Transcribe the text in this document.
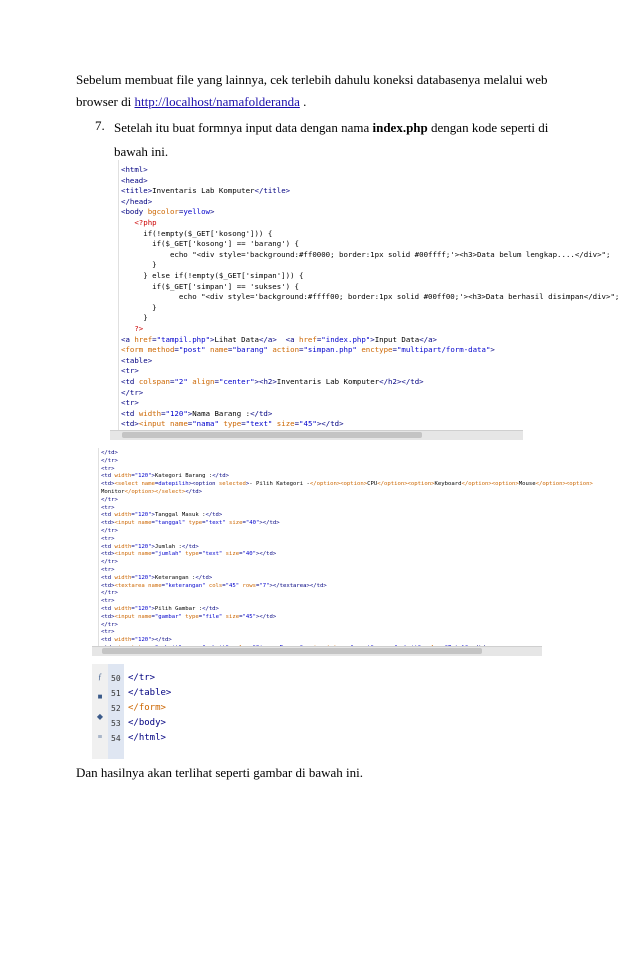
Sebelum membuat file yang lainnya, cek terlebih dahulu koneksi databasenya melalui web
browser di http://localhost/namafolderanda .
7. Setelah itu buat formnya input data dengan nama index.php dengan kode seperti di bawah ini.
<html>
<head>
<title>Inventaris Lab Komputer</title>
</head>
<body bgcolor=yellow>
<?php
if(!empty($_GET['kosong'])) {
if($_GET['kosong'] == 'barang') {
echo "<div style='background:#ff0000; border:1px solid #00ffff;'><h3>Data belum lengkap....</div>";
}
} else if(!empty($_GET['simpan'])) {
if($_GET['simpan'] == 'sukses') {
echo "<div style='background:#ffff00; border:1px solid #00ff00;'><h3>Data berhasil disimpan</div>";
}
}
?>
<a href="tampil.php">Lihat Data</a>  <a href="index.php">Input Data</a>
<form method="post" name="barang" action="simpan.php" enctype="multipart/form-data">
<table>
<tr>
<td colspan="2" align="center"><h2>Inventaris Lab Komputer</h2></td>
</tr>
<tr>
<td width="120">Nama Barang :</td>
<td><input name="nama" type="text" size="45"></td>
</td>
</tr>
<tr>
<td width="120">Kategori Barang :</td>
<td><select name=datepilih><option selected>- Pilih Kategori -</option><option>CPU</option><option>Keyboard</option><option>Mouse</option><option>
Monitor</option></select></td>
</tr>
<tr>
<td width="120">Tanggal Masuk :</td>
<td><input name="tanggal" type="text" size="40"></td>
</tr>
<tr>
<td width="120">Jumlah :</td>
<td><input name="jumlah" type="text" size="40"></td>
</tr>
<tr>
<td width="120">Keterangan :</td>
<td><textarea name="keterangan" cols="45" rows="7"></textarea></td>
</tr>
<tr>
<td width="120">Pilih Gambar :</td>
<td><input name="gambar" type="file" size="45"></td>
</tr>
<tr>
<td width="120"></td>
ƒ
■
◆
≡
</tr>
</table>
</form>
</body>
</html>
50
51
52
53
54
Dan hasilnya akan terlihat seperti gambar di bawah ini.
